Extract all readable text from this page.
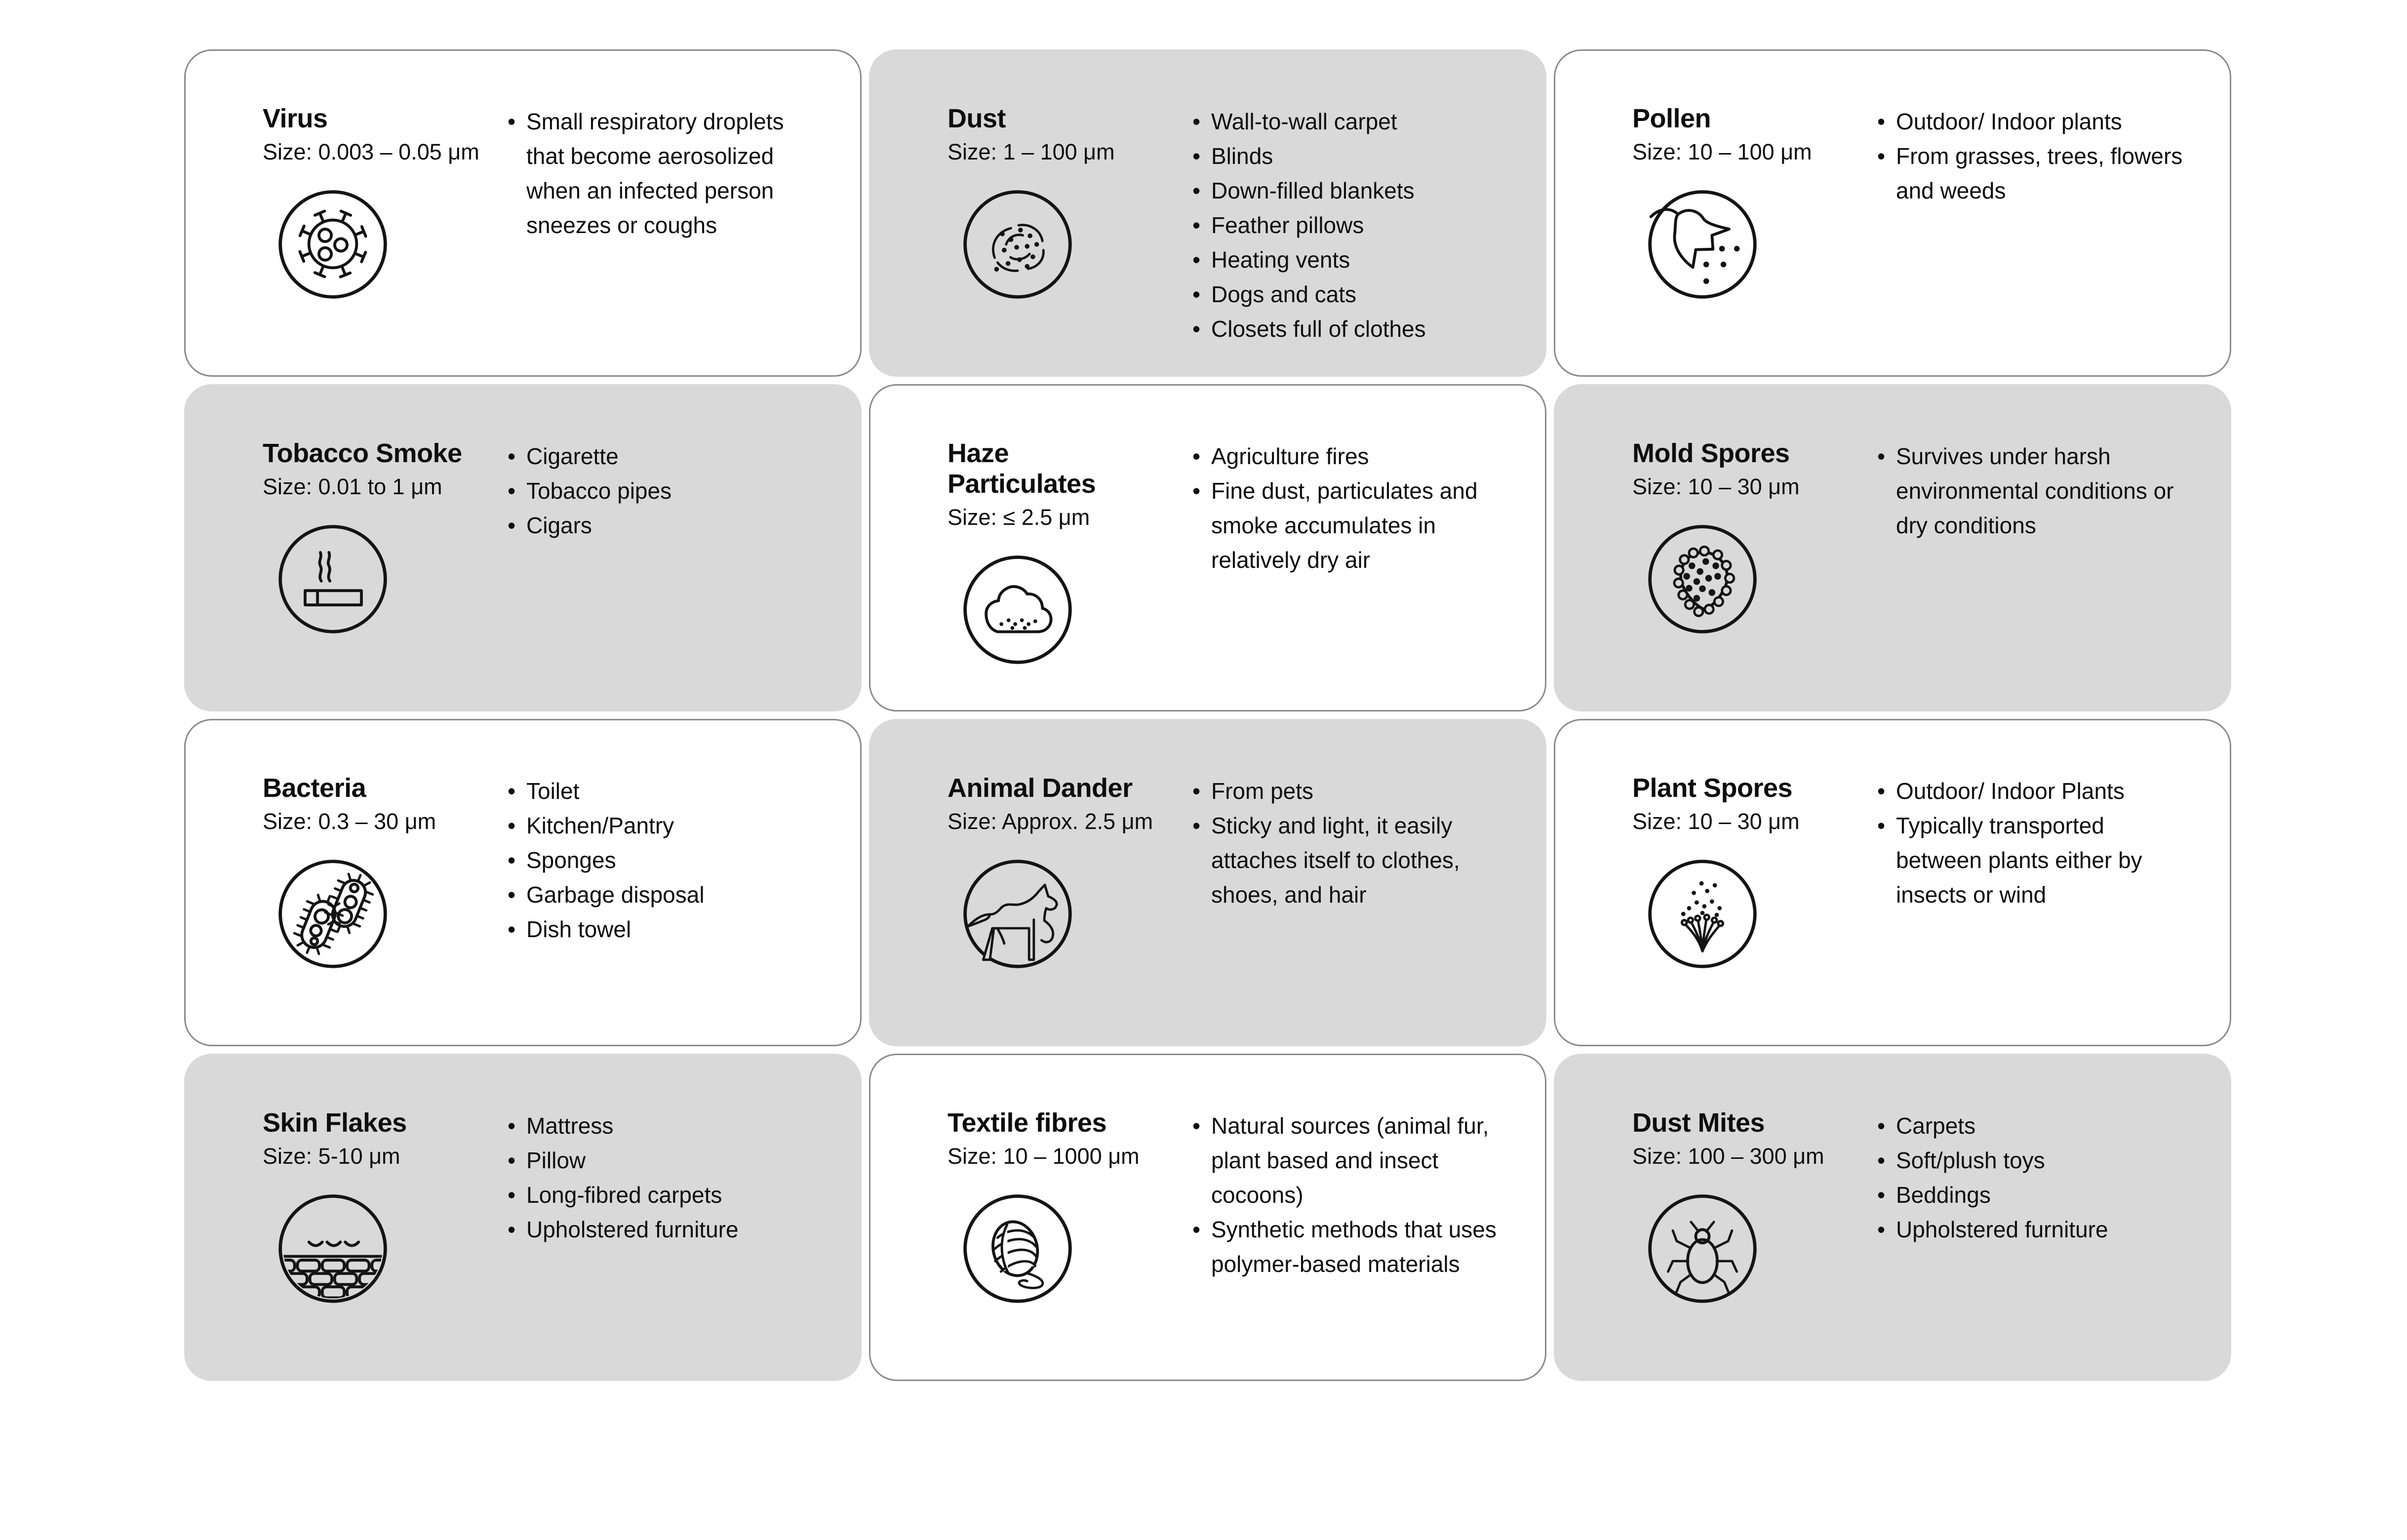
Virus
Size: 0.003 – 0.05 μm
• Small respiratory droplets that become aerosolized when an infected person sneezes or coughs
Dust
Size: 1 – 100 μm
• Wall-to-wall carpet
• Blinds
• Down-filled blankets
• Feather pillows
• Heating vents
• Dogs and cats
• Closets full of clothes
Pollen
Size: 10 – 100 μm
• Outdoor/ Indoor plants
• From grasses, trees, flowers and weeds
Tobacco Smoke
Size: 0.01 to 1 μm
• Cigarette
• Tobacco pipes
• Cigars
Haze Particulates
Size: ≤ 2.5 μm
• Agriculture fires
• Fine dust, particulates and smoke accumulates in relatively dry air
Mold Spores
Size: 10 – 30 μm
• Survives under harsh environmental conditions or dry conditions
Bacteria
Size: 0.3 – 30 μm
• Toilet
• Kitchen/Pantry
• Sponges
• Garbage disposal
• Dish towel
Animal Dander
Size: Approx. 2.5 μm
• From pets
• Sticky and light, it easily attaches itself to clothes, shoes, and hair
Plant Spores
Size: 10 – 30 μm
• Outdoor/ Indoor Plants
• Typically transported between plants either by insects or wind
Skin Flakes
Size: 5-10 μm
• Mattress
• Pillow
• Long-fibred carpets
• Upholstered furniture
Textile fibres
Size: 10 – 1000 μm
• Natural sources (animal fur, plant based and insect cocoons)
• Synthetic methods that uses polymer-based materials
Dust Mites
Size: 100 – 300 μm
• Carpets
• Soft/plush toys
• Beddings
• Upholstered furniture
